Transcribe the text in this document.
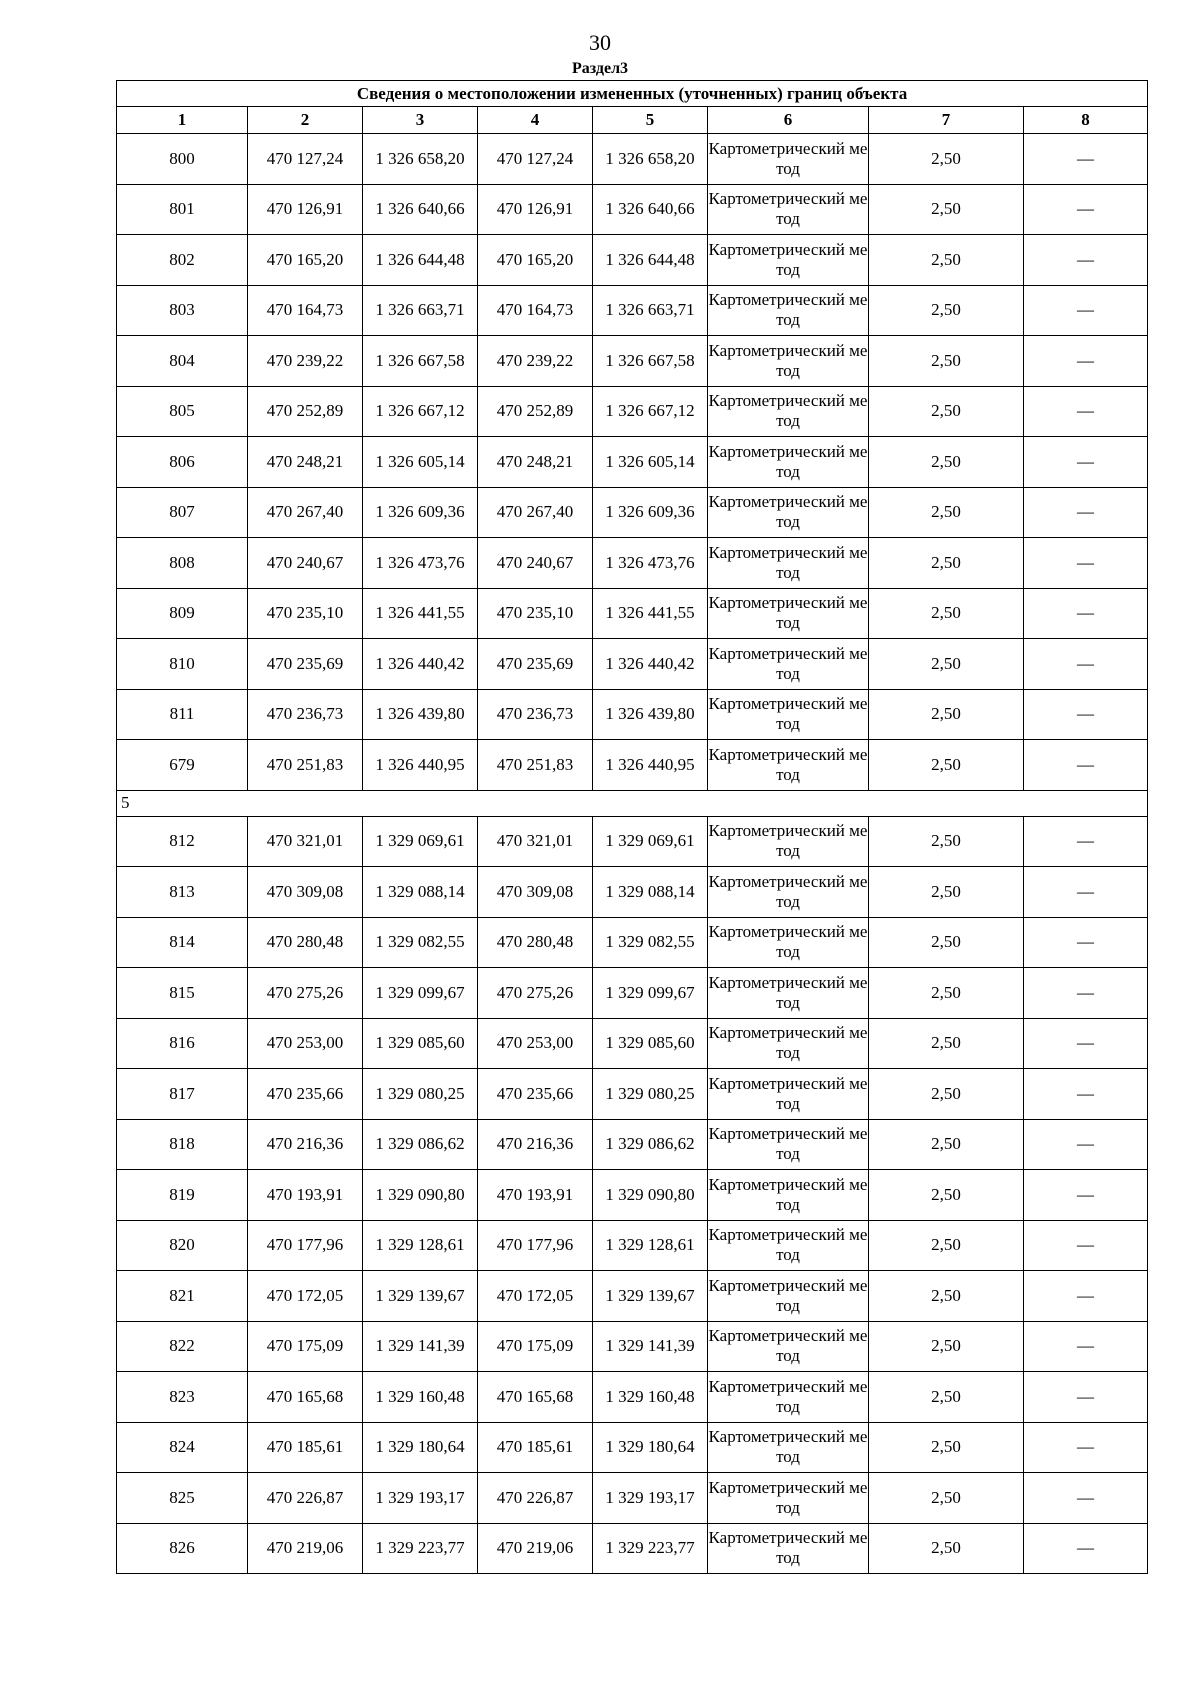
30
Раздел3
Сведения о местоположении измененных (уточненных) границ объекта							
1	2	3	4	5	6	7	8
800	470 127,24	1 326 658,20	470 127,24	1 326 658,20	Картометрический метод	2,50	—
801	470 126,91	1 326 640,66	470 126,91	1 326 640,66	Картометрический метод	2,50	—
802	470 165,20	1 326 644,48	470 165,20	1 326 644,48	Картометрический метод	2,50	—
803	470 164,73	1 326 663,71	470 164,73	1 326 663,71	Картометрический метод	2,50	—
804	470 239,22	1 326 667,58	470 239,22	1 326 667,58	Картометрический метод	2,50	—
805	470 252,89	1 326 667,12	470 252,89	1 326 667,12	Картометрический метод	2,50	—
806	470 248,21	1 326 605,14	470 248,21	1 326 605,14	Картометрический метод	2,50	—
807	470 267,40	1 326 609,36	470 267,40	1 326 609,36	Картометрический метод	2,50	—
808	470 240,67	1 326 473,76	470 240,67	1 326 473,76	Картометрический метод	2,50	—
809	470 235,10	1 326 441,55	470 235,10	1 326 441,55	Картометрический метод	2,50	—
810	470 235,69	1 326 440,42	470 235,69	1 326 440,42	Картометрический метод	2,50	—
811	470 236,73	1 326 439,80	470 236,73	1 326 439,80	Картометрический метод	2,50	—
679	470 251,83	1 326 440,95	470 251,83	1 326 440,95	Картометрический метод	2,50	—
5							
812	470 321,01	1 329 069,61	470 321,01	1 329 069,61	Картометрический метод	2,50	—
813	470 309,08	1 329 088,14	470 309,08	1 329 088,14	Картометрический метод	2,50	—
814	470 280,48	1 329 082,55	470 280,48	1 329 082,55	Картометрический метод	2,50	—
815	470 275,26	1 329 099,67	470 275,26	1 329 099,67	Картометрический метод	2,50	—
816	470 253,00	1 329 085,60	470 253,00	1 329 085,60	Картометрический метод	2,50	—
817	470 235,66	1 329 080,25	470 235,66	1 329 080,25	Картометрический метод	2,50	—
818	470 216,36	1 329 086,62	470 216,36	1 329 086,62	Картометрический метод	2,50	—
819	470 193,91	1 329 090,80	470 193,91	1 329 090,80	Картометрический метод	2,50	—
820	470 177,96	1 329 128,61	470 177,96	1 329 128,61	Картометрический метод	2,50	—
821	470 172,05	1 329 139,67	470 172,05	1 329 139,67	Картометрический метод	2,50	—
822	470 175,09	1 329 141,39	470 175,09	1 329 141,39	Картометрический метод	2,50	—
823	470 165,68	1 329 160,48	470 165,68	1 329 160,48	Картометрический метод	2,50	—
824	470 185,61	1 329 180,64	470 185,61	1 329 180,64	Картометрический метод	2,50	—
825	470 226,87	1 329 193,17	470 226,87	1 329 193,17	Картометрический метод	2,50	—
826	470 219,06	1 329 223,77	470 219,06	1 329 223,77	Картометрический метод	2,50	—
